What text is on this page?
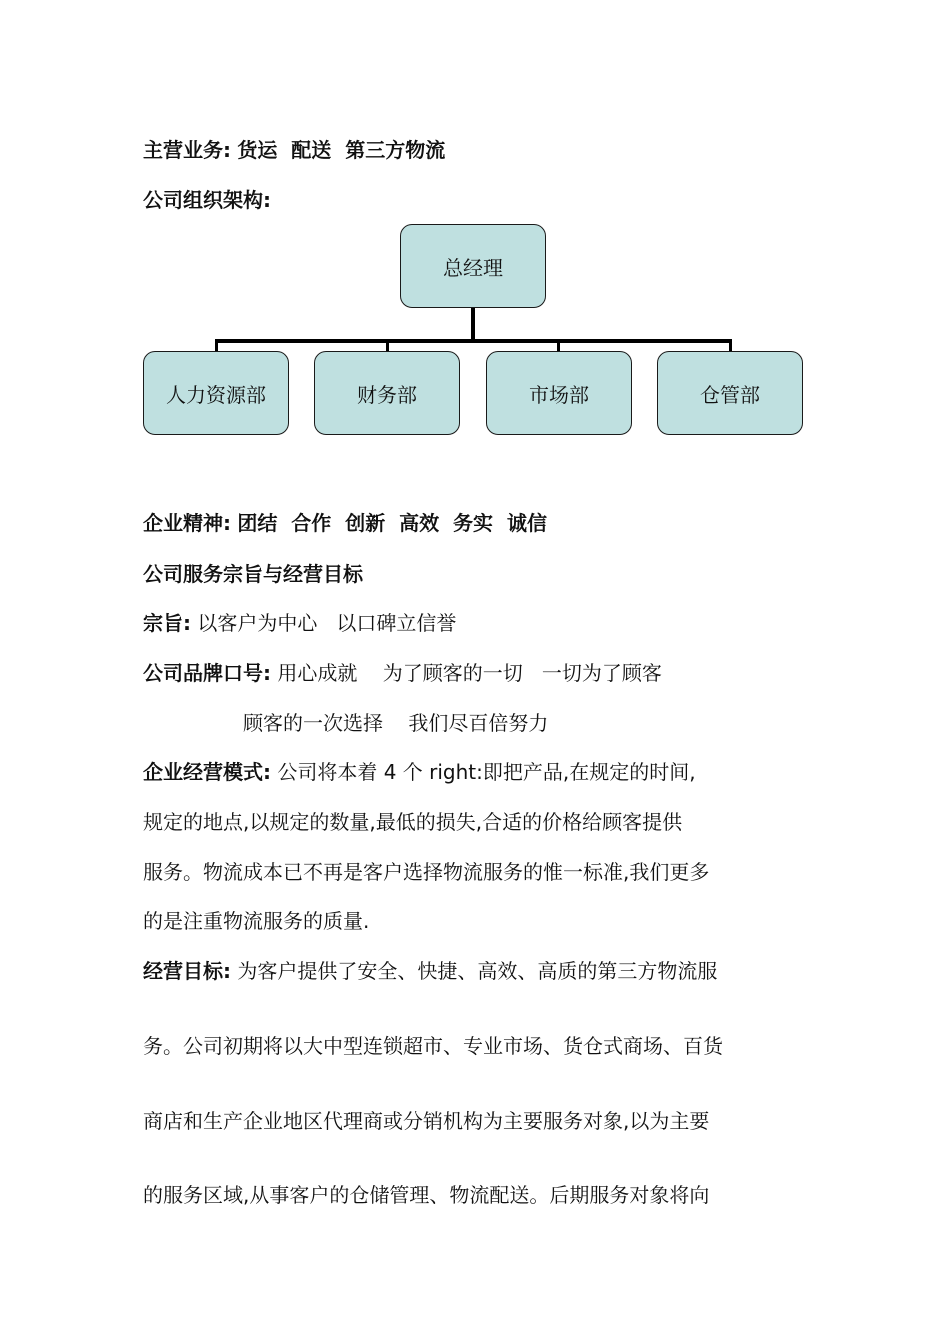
主营业务: 货运  配送  第三方物流
公司组织架构:
总经理
人力资源部	财务部	市场部	仓管部
企业精神: 团结  合作  创新  高效  务实  诚信
公司服务宗旨与经营目标
宗旨: 以客户为中心   以口碑立信誉
公司品牌口号: 用心成就    为了顾客的一切   一切为了顾客
顾客的一次选择    我们尽百倍努力
企业经营模式: 公司将本着 4 个 right:即把产品,在规定的时间,
规定的地点,以规定的数量,最低的损失,合适的价格给顾客提供
服务。物流成本已不再是客户选择物流服务的惟一标准,我们更多
的是注重物流服务的质量.
经营目标: 为客户提供了安全、快捷、高效、高质的第三方物流服
务。公司初期将以大中型连锁超市、专业市场、货仓式商场、百货
商店和生产企业地区代理商或分销机构为主要服务对象,以为主要
的服务区域,从事客户的仓储管理、物流配送。后期服务对象将向
